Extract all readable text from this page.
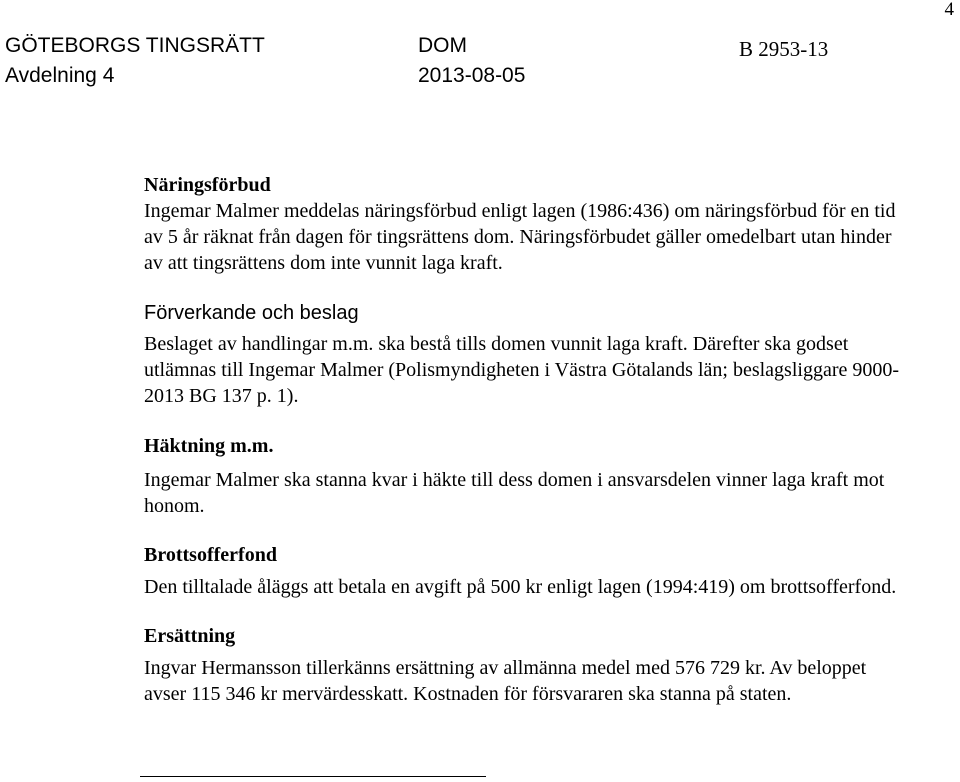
4
GÖTEBORGS TINGSRÄTT	DOM	B 2953-13
Avdelning 4	2013-08-05

Näringsförbud

Ingemar Malmer meddelas näringsförbud enligt lagen (1986:436) om näringsförbud för en tid av 5 år räknat från dagen för tingsrättens dom. Näringsförbudet gäller omedelbart utan hinder av att tingsrättens dom inte vunnit laga kraft.

Förverkande och beslag

Beslaget av handlingar m.m. ska bestå tills domen vunnit laga kraft. Därefter ska godset utlämnas till Ingemar Malmer (Polismyndigheten i Västra Götalands län; beslagsliggare 9000-2013 BG 137 p. 1).

Häktning m.m.

Ingemar Malmer ska stanna kvar i häkte till dess domen i ansvarsdelen vinner laga kraft mot honom.

Brottsofferfond

Den tilltalade åläggs att betala en avgift på 500 kr enligt lagen (1994:419) om brottsofferfond.

Ersättning

Ingvar Hermansson tillerkänns ersättning av allmänna medel med 576 729 kr. Av beloppet avser 115 346 kr mervärdesskatt. Kostnaden för försvararen ska stanna på staten.
